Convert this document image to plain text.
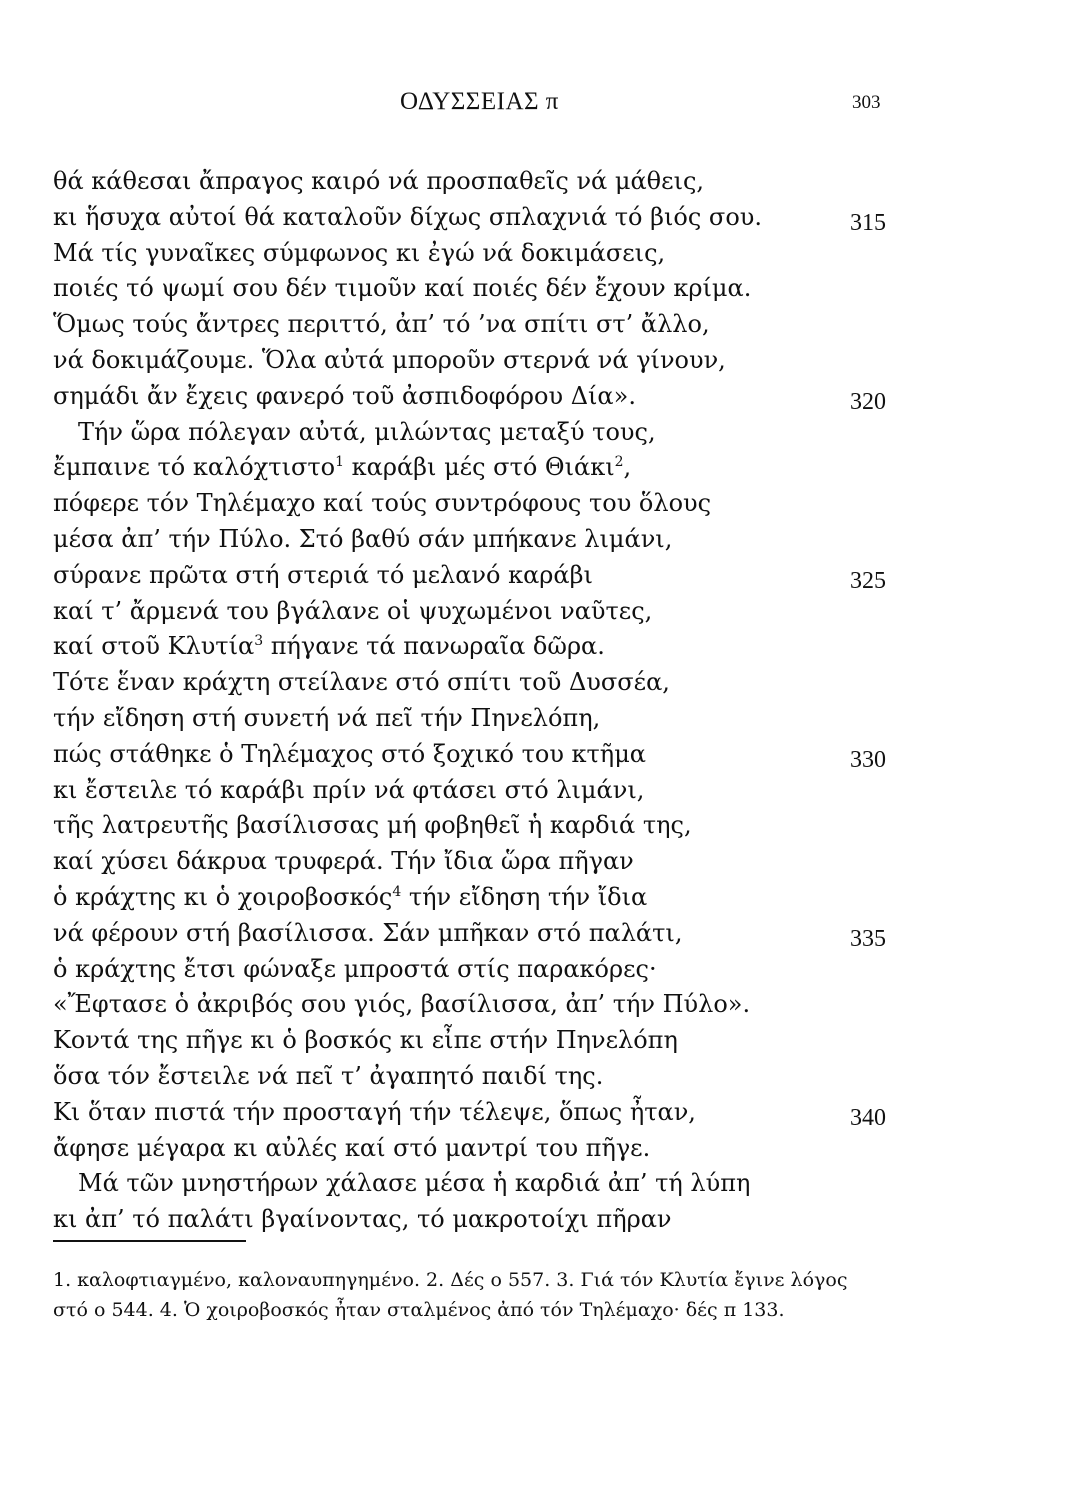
ΟΔΥΣΣΕΙΑΣ π	303
θά κάθεσαι ἄπραγος καιρό νά προσπαθεῖς νά μάθεις,
κι ἥσυχα αὐτοί θά καταλοῦν δίχως σπλαχνιά τό βιός σου.	315
Μά τίς γυναῖκες σύμφωνος κι ἐγώ νά δοκιμάσεις,
ποιές τό ψωμί σου δέν τιμοῦν καί ποιές δέν ἔχουν κρίμα.
Ὅμως τούς ἄντρες περιττό, ἀπ’ τό ’να σπίτι στ’ ἄλλο,
νά δοκιμάζουμε. Ὅλα αὐτά μποροῦν στερνά νά γίνουν,
σημάδι ἄν ἔχεις φανερό τοῦ ἀσπιδοφόρου Δία».	320
Τήν ὥρα πόλεγαν αὐτά, μιλώντας μεταξύ τους,
ἔμπαινε τό καλόχτιστο$^1$ καράβι μές στό Θιάκι$^2$,
πόφερε τόν Τηλέμαχο καί τούς συντρόφους του ὅλους
μέσα ἀπ’ τήν Πύλο. Στό βαθύ σάν μπήκανε λιμάνι,
σύρανε πρῶτα στή στεριά τό μελανό καράβι	325
καί τ’ ἄρμενά του βγάλανε οἱ ψυχωμένοι ναῦτες,
καί στοῦ Κλυτία$^3$ πήγανε τά πανωραῖα δῶρα.
Τότε ἕναν κράχτη στείλανε στό σπίτι τοῦ Δυσσέα,
τήν εἴδηση στή συνετή νά πεῖ τήν Πηνελόπη,
πώς στάθηκε ὁ Τηλέμαχος στό ξοχικό του κτῆμα	330
κι ἔστειλε τό καράβι πρίν νά φτάσει στό λιμάνι,
τῆς λατρευτῆς βασίλισσας μή φοβηθεῖ ἡ καρδιά της,
καί χύσει δάκρυα τρυφερά. Τήν ἴδια ὥρα πῆγαν
ὁ κράχτης κι ὁ χοιροβοσκός$^4$ τήν εἴδηση τήν ἴδια
νά φέρουν στή βασίλισσα. Σάν μπῆκαν στό παλάτι,	335
ὁ κράχτης ἔτσι φώναξε μπροστά στίς παρακόρες·
«Ἔφτασε ὁ ἀκριβός σου γιός, βασίλισσα, ἀπ’ τήν Πύλο».
Κοντά της πῆγε κι ὁ βοσκός κι εἶπε στήν Πηνελόπη
ὅσα τόν ἔστειλε νά πεῖ τ’ ἀγαπητό παιδί της.
Κι ὅταν πιστά τήν προσταγή τήν τέλεψε, ὅπως ἦταν,	340
ἄφησε μέγαρα κι αὐλές καί στό μαντρί του πῆγε.
Μά τῶν μνηστήρων χάλασε μέσα ἡ καρδιά ἀπ’ τή λύπη
κι ἀπ’ τό παλάτι βγαίνοντας, τό μακροτοίχι πῆραν
1. καλοφτιαγμένο, καλοναυπηγημένο. 2. Δές ο 557. 3. Γιά τόν Κλυτία ἔγινε λόγος
στό ο 544. 4. Ὁ χοιροβοσκός ἦταν σταλμένος ἀπό τόν Τηλέμαχο· δές π 133.
